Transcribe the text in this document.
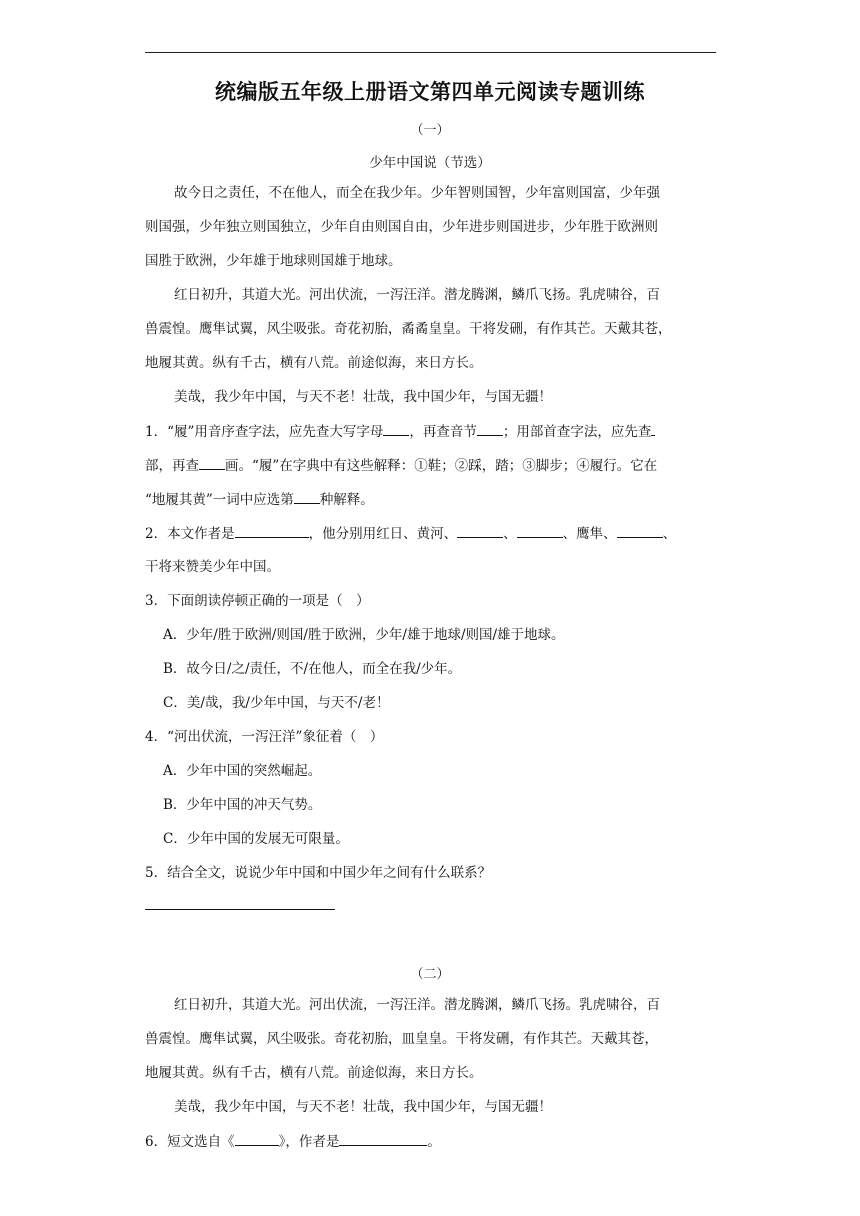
统编版五年级上册语文第四单元阅读专题训练
（一）
少年中国说（节选）
故今日之责任，不在他人，而全在我少年。少年智则国智，少年富则国富，少年强
则国强，少年独立则国独立，少年自由则国自由，少年进步则国进步，少年胜于欧洲则
国胜于欧洲，少年雄于地球则国雄于地球。
红日初升，其道大光。河出伏流，一泻汪洋。潜龙腾渊，鳞爪飞扬。乳虎啸谷，百
兽震惶。鹰隼试翼，风尘吸张。奇花初胎，矞矞皇皇。干将发硎，有作其芒。天戴其苍，
地履其黄。纵有千古，横有八荒。前途似海，来日方长。
美哉，我少年中国，与天不老！壮哉，我中国少年，与国无疆！
1．“履”用音序查字法，应先查大写字母 ，再查音节 ；用部首查字法，应先查
部，再查 画。“履”在字典中有这些解释：①鞋；②踩，踏；③脚步；④履行。它在
“地履其黄”一词中应选第 种解释。
2．本文作者是	，他分别用红日、黄河、	、	、鹰隼、	、
干将来赞美少年中国。
3．下面朗读停顿正确的一项是（　）
A．少年/胜于欧洲/则国/胜于欧洲，少年/雄于地球/则国/雄于地球。
B．故今日/之/责任，不/在他人，而全在我/少年。
C．美/哉，我/少年中国，与天不/老！
4．“河出伏流，一泻汪洋”象征着（　）
A．少年中国的突然崛起。
B．少年中国的冲天气势。
C．少年中国的发展无可限量。
5．结合全文，说说少年中国和中国少年之间有什么联系？
（二）
红日初升，其道大光。河出伏流，一泻汪洋。潜龙腾渊，鳞爪飞扬。乳虎啸谷，百
兽震惶。鹰隼试翼，风尘吸张。奇花初胎，皿皇皇。干将发硎，有作其芒。天戴其苍，
地履其黄。纵有千古，横有八荒。前途似海，来日方长。
美哉，我少年中国，与天不老！壮哉，我中国少年，与国无疆！
6．短文选自《	》，作者是	。
